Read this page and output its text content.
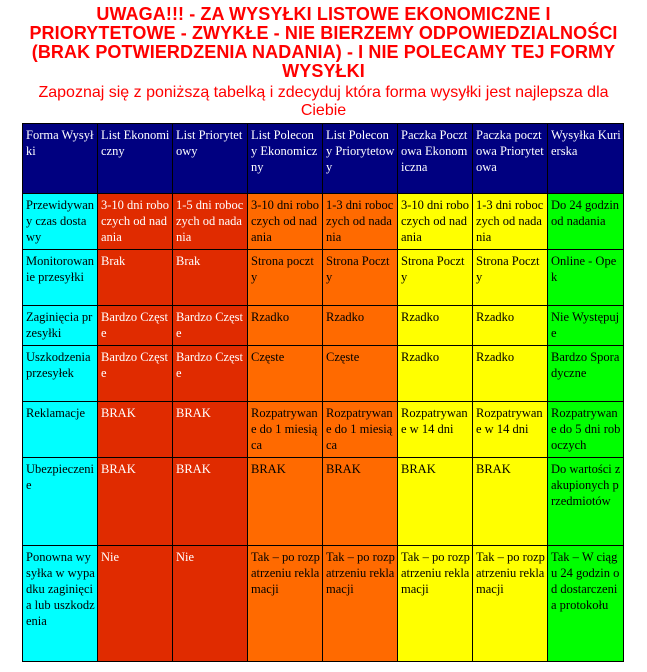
UWAGA!!! - ZA WYSYŁKI LISTOWE EKONOMICZNE I
PRIORYTETOWE - ZWYKŁE - NIE BIERZEMY ODPOWIEDZIALNOŚCI
(BRAK POTWIERDZENIA NADANIA) - I NIE POLECAMY TEJ FORMY
WYSYŁKI
Zapoznaj się z poniższą tabelką i zdecyduj która forma wysyłki jest najlepsza dla
Ciebie
Forma Wysyłki	List Ekonomiczny	List Priorytetowy	List Polecony Ekonomiczny	List Polecony Priorytetowy	Paczka Pocztowa Ekonomiczna	Paczka pocztowa Priorytetowa	Wysyłka Kurierska
Przewidywany czas dostawy	3-10 dni roboczych od nadania	1-5 dni roboczych od nadania	3-10 dni roboczych od nadania	1-3 dni roboczych od nadania	3-10 dni roboczych od nadania	1-3 dni roboczych od nadania	Do 24 godzin od nadania
Monitorowanie przesyłki	Brak	Brak	Strona poczty	Strona Poczty	Strona Poczty	Strona Poczty	Online - Opek
Zaginięcia przesyłki	Bardzo Częste	Bardzo Częste	Rzadko	Rzadko	Rzadko	Rzadko	Nie Występuje
Uszkodzenia przesyłek	Bardzo Częste	Bardzo Częste	Częste	Częste	Rzadko	Rzadko	Bardzo Sporadyczne
Reklamacje	BRAK	BRAK	Rozpatrywane do 1 miesiąca	Rozpatrywane do 1 miesiąca	Rozpatrywane w 14 dni	Rozpatrywane w 14 dni	Rozpatrywane do 5 dni roboczych
Ubezpieczenie	BRAK	BRAK	BRAK	BRAK	BRAK	BRAK	Do wartości zakupionych przedmiotów
Ponowna wysyłka w wypadku zaginięcia lub uszkodzenia	Nie	Nie	Tak – po rozpatrzeniu reklamacji	Tak – po rozpatrzeniu reklamacji	Tak – po rozpatrzeniu reklamacji	Tak – po rozpatrzeniu reklamacji	Tak – W ciągu 24 godzin od dostarczenia protokołu
